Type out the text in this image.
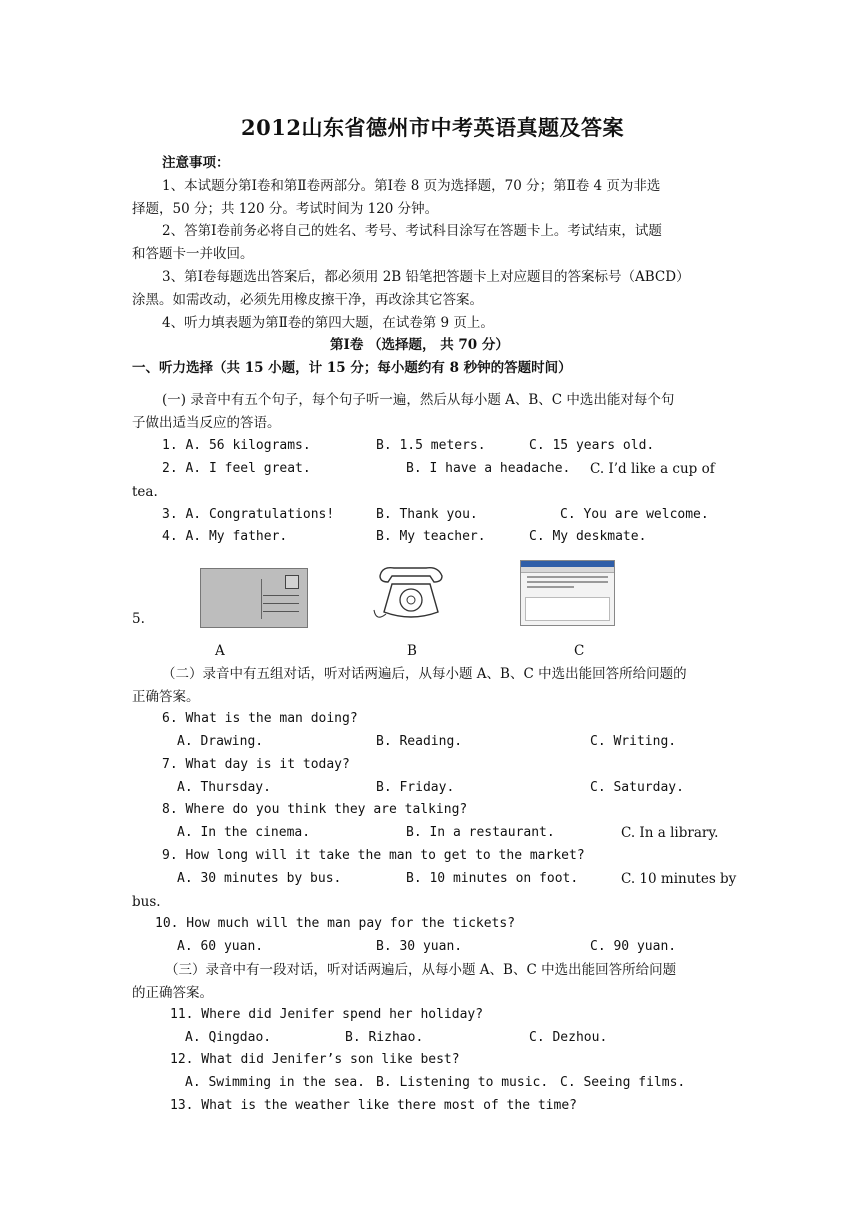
2012山东省德州市中考英语真题及答案
注意事项：
1、本试题分第Ⅰ卷和第Ⅱ卷两部分。第Ⅰ卷 8 页为选择题，70 分；第Ⅱ卷 4 页为非选
择题，50 分；共 120 分。考试时间为 120 分钟。
2、答第Ⅰ卷前务必将自己的姓名、考号、考试科目涂写在答题卡上。考试结束，试题
和答题卡一并收回。
3、第Ⅰ卷每题选出答案后，都必须用 2B 铅笔把答题卡上对应题目的答案标号（ABCD）
涂黑。如需改动，必须先用橡皮擦干净，再改涂其它答案。
4、听力填表题为第Ⅱ卷的第四大题，在试卷第 9 页上。
第Ⅰ卷 （选择题， 共 70 分）
一、听力选择（共 15 小题，计 15 分；每小题约有 8 秒钟的答题时间）
(一) 录音中有五个句子，每个句子听一遍，然后从每小题 A、B、C 中选出能对每个句
子做出适当反应的答语。
1. A. 56 kilograms.	B. 1.5 meters.	C. 15 years old.
2. A. I feel great.	B. I have a headache. C. I’d like a cup of
tea.
3. A. Congratulations!	B. Thank you.	C. You are welcome.
4. A. My father.	B. My teacher.	C. My deskmate.
5.
A	B	C
（二）录音中有五组对话，听对话两遍后，从每小题 A、B、C 中选出能回答所给问题的
正确答案。
6. What is the man doing?
A. Drawing.	B. Reading.	C. Writing.
7. What day is it today?
A. Thursday.	B. Friday.	C. Saturday.
8. Where do you think they are talking?
A. In the cinema.	B. In a restaurant.	C. In a library.
9. How long will it take the man to get to the market?
A. 30 minutes by bus.	B. 10 minutes on foot.	C. 10 minutes by
bus.
10. How much will the man pay for the tickets?
A. 60 yuan.	B. 30 yuan.	C. 90 yuan.
（三）录音中有一段对话，听对话两遍后，从每小题 A、B、C 中选出能回答所给问题
的正确答案。
11. Where did Jenifer spend her holiday?
A. Qingdao.	B. Rizhao.	C. Dezhou.
12. What did Jenifer’s son like best?
A. Swimming in the sea. B. Listening to music. C. Seeing films.
13. What is the weather like there most of the time?
